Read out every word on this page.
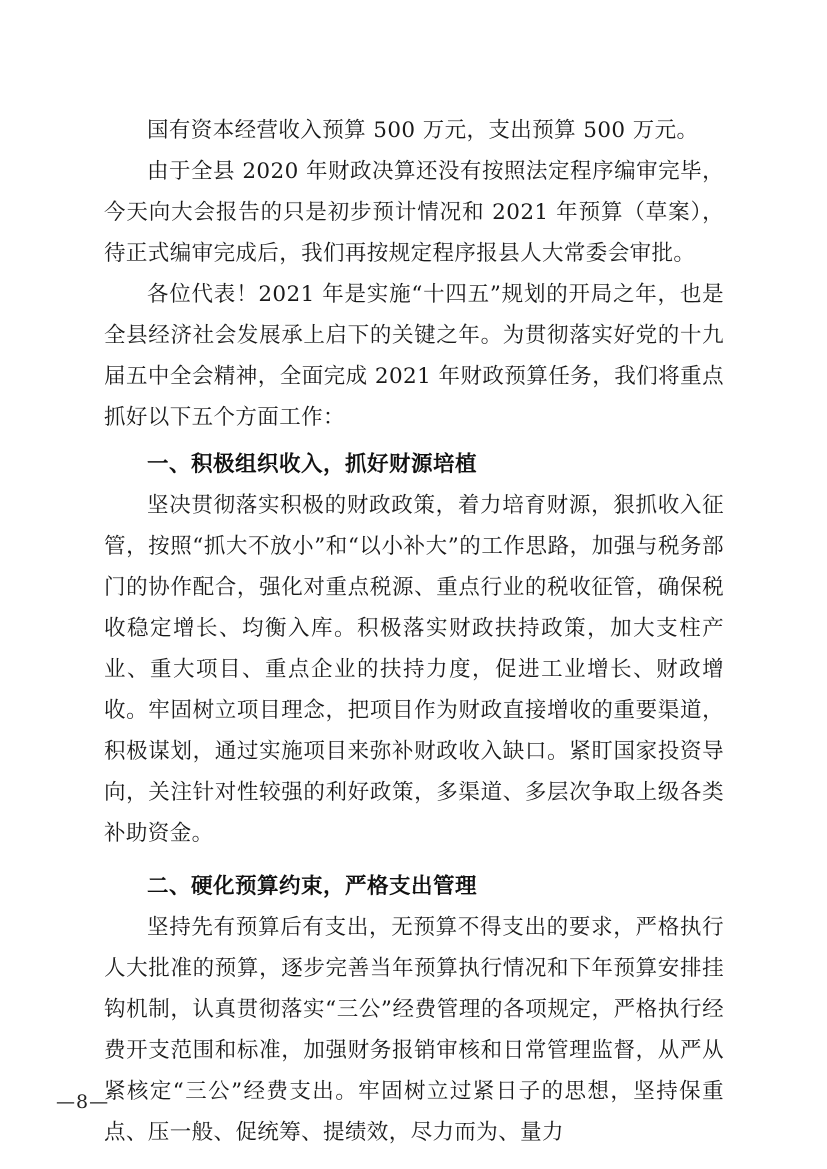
国有资本经营收入预算 500 万元，支出预算 500 万元。

由于全县 2020 年财政决算还没有按照法定程序编审完毕，今天向大会报告的只是初步预计情况和 2021 年预算（草案），待正式编审完成后，我们再按规定程序报县人大常委会审批。

各位代表！2021 年是实施“十四五”规划的开局之年，也是全县经济社会发展承上启下的关键之年。为贯彻落实好党的十九届五中全会精神，全面完成 2021 年财政预算任务，我们将重点抓好以下五个方面工作：

一、积极组织收入，抓好财源培植

坚决贯彻落实积极的财政政策，着力培育财源，狠抓收入征管，按照“抓大不放小”和“以小补大”的工作思路，加强与税务部门的协作配合，强化对重点税源、重点行业的税收征管，确保税收稳定增长、均衡入库。积极落实财政扶持政策，加大支柱产业、重大项目、重点企业的扶持力度，促进工业增长、财政增收。牢固树立项目理念，把项目作为财政直接增收的重要渠道，积极谋划，通过实施项目来弥补财政收入缺口。紧盯国家投资导向，关注针对性较强的利好政策，多渠道、多层次争取上级各类补助资金。

二、硬化预算约束，严格支出管理

坚持先有预算后有支出，无预算不得支出的要求，严格执行人大批准的预算，逐步完善当年预算执行情况和下年预算安排挂钩机制，认真贯彻落实“三公”经费管理的各项规定，严格执行经费开支范围和标准，加强财务报销审核和日常管理监督，从严从紧核定“三公”经费支出。牢固树立过紧日子的思想，坚持保重点、压一般、促统筹、提绩效，尽力而为、量力

—8—
